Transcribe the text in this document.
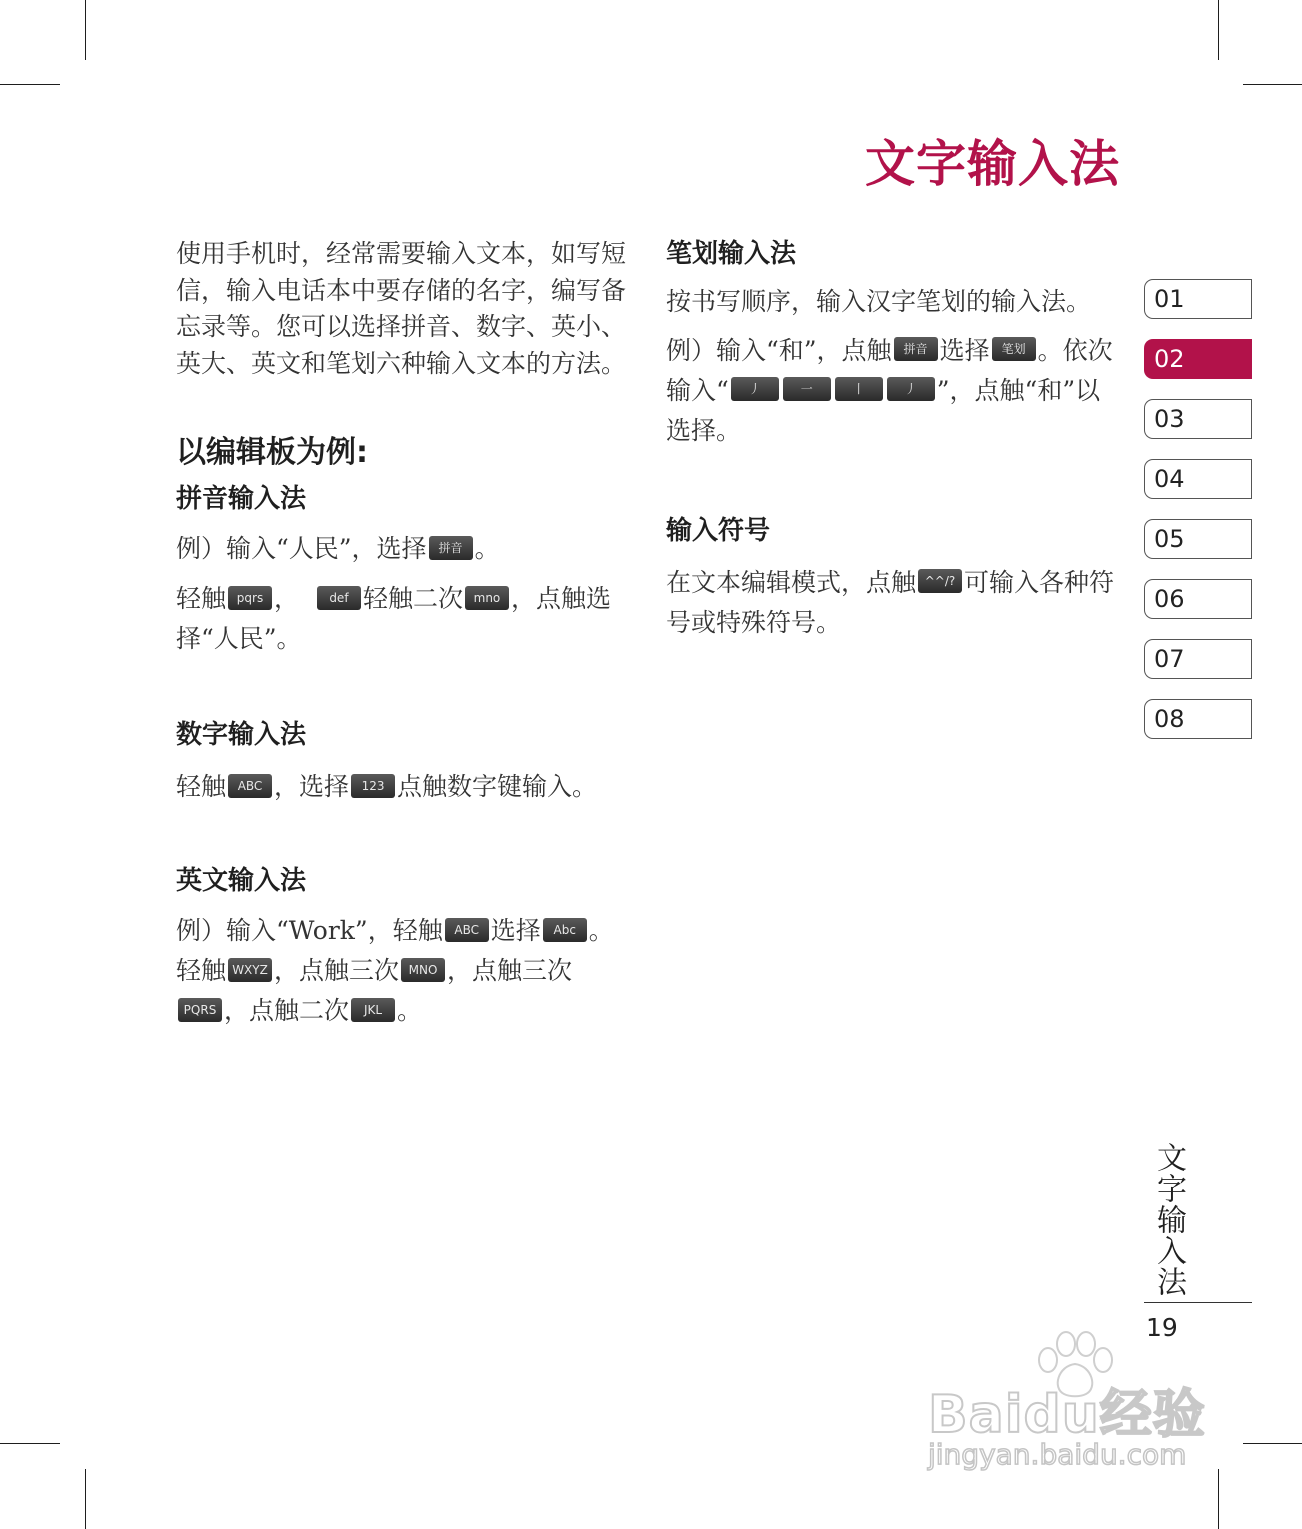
文字输入法

使用手机时，经常需要输入文本，如写短信，输入电话本中要存储的名字，编写备忘录等。您可以选择拼音、数字、英小、英大、英文和笔划六种输入文本的方法。

以编辑板为例:
拼音输入法

例）输入“人民”，选择 拼音 。

轻触 pqrs ，	def 轻触二次 mno ，点触选择“人民”。

数字输入法

轻触 ABC ，选择 123 点触数字键输入。

英文输入法

例）输入“Work”，轻触 ABC 选择 Abc 。
轻触 WXYZ ，点触三次 MNO ，点触三次
PQRS ，点触二次 JKL 。

笔划输入法

按书写顺序，输入汉字笔划的输入法。

例）输入“和”，点触 拼音 选择 笔划 。依次输入“ 丿	一	丨	丿 ”，点触“和”以选择。

输入符号

在文本编辑模式，点触 ^^/? 可输入各种符号或特殊符号。

01
02
03
04
05
06
07
08
文字输入法
19
Baidu经验
jingyan.baidu.com
